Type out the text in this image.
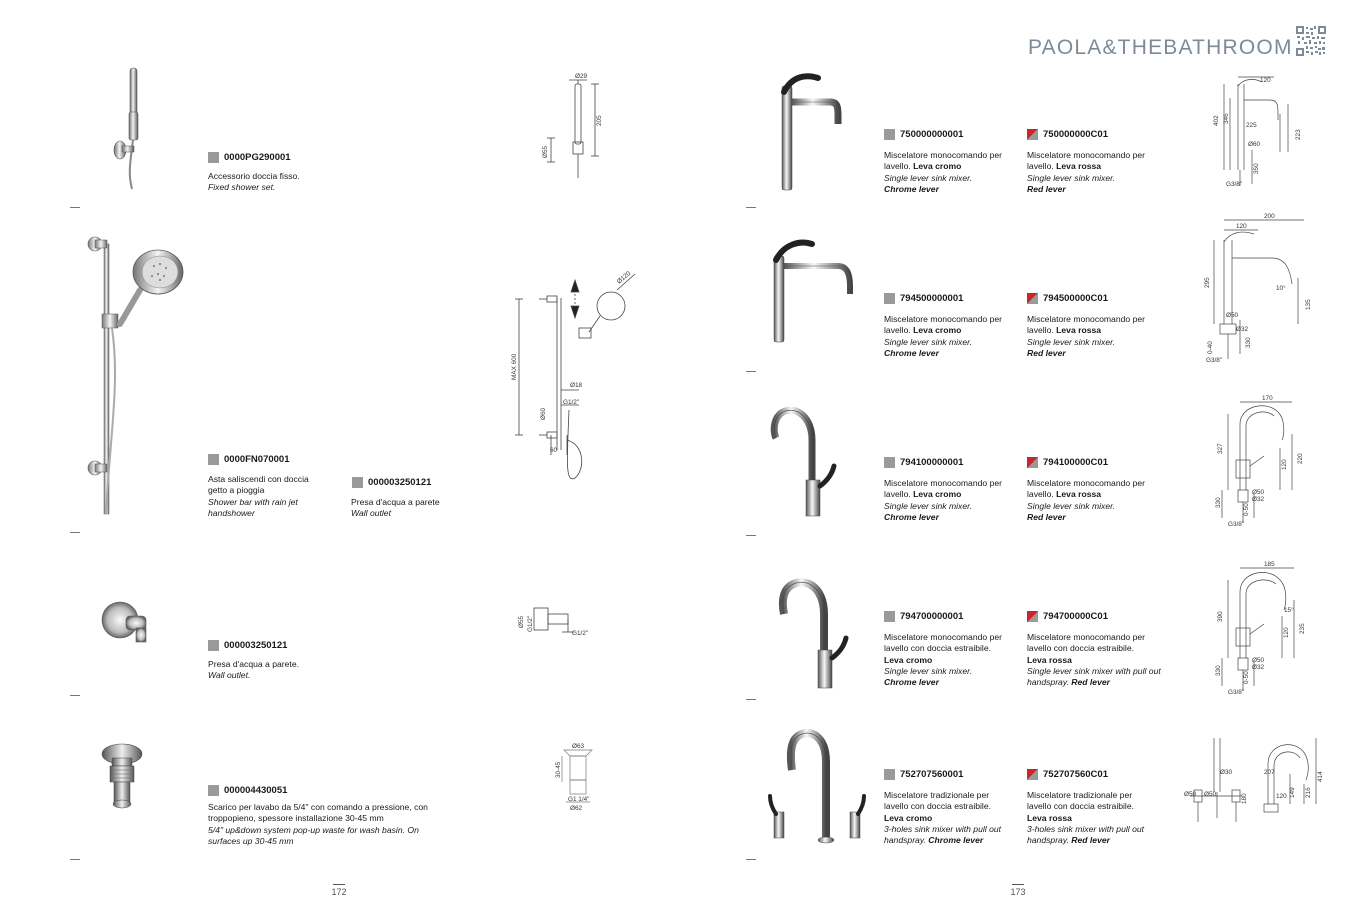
PAOLA&THEBATHROOM
0000PG290001
Accessorio doccia fisso.
Fixed shower set.
Ø29
205
Ø55
0000FN070001
Asta saliscendi con doccia getto a pioggia
Shower bar with rain jet handshower
000003250121
Presa d'acqua a parete
Wall outlet
Ø120
MAX 600
Ø18
G1/2"
Ø60
60
000003250121
Presa d'acqua a parete.
Wall outlet.
Ø55 G1/2"
G1/2"
000004430051
Scarico per lavabo da 5/4" con comando a pressione, con troppopieno, spessore installazione 30-45 mm
5/4" up&down system pop-up waste for wash basin. On surfaces up 30-45 mm
Ø63
30-45
G1 1/4"
Ø62
172
750000000001
Miscelatore monocomando per lavello. Leva cromo
Single lever sink mixer.
Chrome lever
750000000C01
Miscelatore monocomando per lavello. Leva rossa
Single lever sink mixer.
Red lever
120
402 346
225
223
Ø60
350
G3/8"
794500000001
Miscelatore monocomando per lavello. Leva cromo
Single lever sink mixer.
Chrome lever
794500000C01
Miscelatore monocomando per lavello. Leva rossa
Single lever sink mixer.
Red lever
200
120
295
10°
135
Ø50
Ø32
330
0-40
G3/8"
794100000001
Miscelatore monocomando per lavello. Leva cromo
Single lever sink mixer.
Chrome lever
794100000C01
Miscelatore monocomando per lavello. Leva rossa
Single lever sink mixer.
Red lever
170
327
120
220
Ø50
Ø32
330
0-50
G3/8"
794700000001
Miscelatore monocomando per lavello con doccia estraibile. Leva cromo
Single lever sink mixer.
Chrome lever
794700000C01
Miscelatore monocomando per lavello con doccia estraibile.
Leva rossa
Single lever sink mixer with pull out handspray. Red lever
185
390
15°
120 235
Ø50
Ø32
330
0-50
G3/8"
752707560001
Miscelatore tradizionale per lavello con doccia estraibile.
Leva cromo
3-holes sink mixer with pull out handspray. Chrome lever
752707560C01
Miscelatore tradizionale per lavello con doccia estraibile.
Leva rossa
3-holes sink mixer with pull out handspray. Red lever
Ø30	207	414
Ø50 Ø50	180	120 149 216
173
